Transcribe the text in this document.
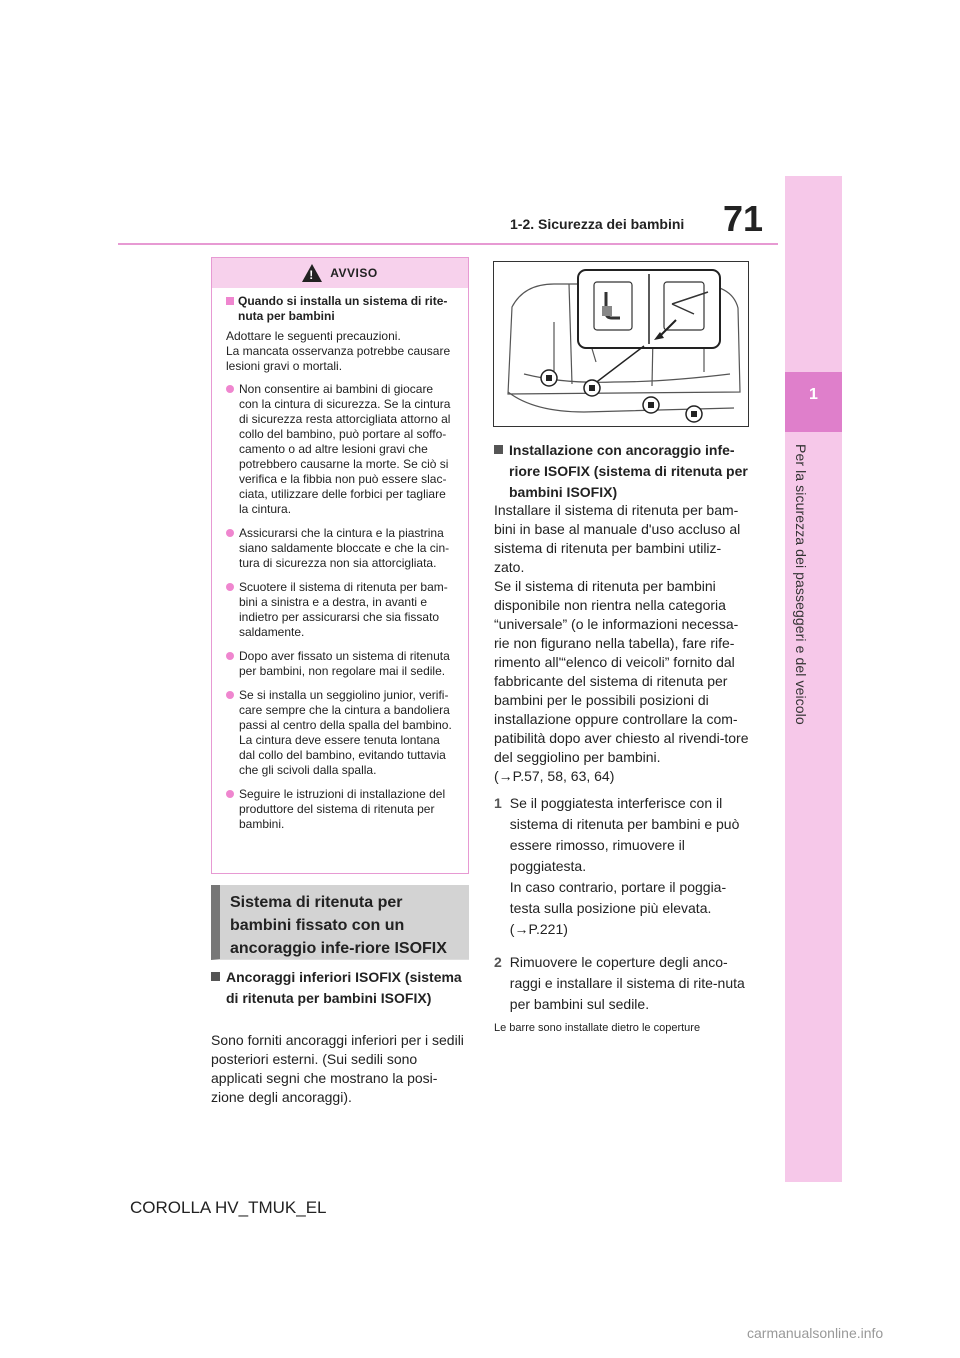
71
1-2. Sicurezza dei bambini
1
Per la sicurezza dei passeggeri e del veicolo
!
AVVISO
Quando si installa un sistema di rite-nuta per bambini
Adottare le seguenti precauzioni.
La mancata osservanza potrebbe causare lesioni gravi o mortali.
Non consentire ai bambini di giocare con la cintura di sicurezza. Se la cintura di sicurezza resta attorcigliata attorno al collo del bambino, può portare al soffo-camento o ad altre lesioni gravi che potrebbero causarne la morte. Se ciò si verifica e la fibbia non può essere slac-ciata, utilizzare delle forbici per tagliare la cintura.
Assicurarsi che la cintura e la piastrina siano saldamente bloccate e che la cin-tura di sicurezza non sia attorcigliata.
Scuotere il sistema di ritenuta per bam-bini a sinistra e a destra, in avanti e indietro per assicurarsi che sia fissato saldamente.
Dopo aver fissato un sistema di ritenuta per bambini, non regolare mai il sedile.
Se si installa un seggiolino junior, verifi-care sempre che la cintura a bandoliera passi al centro della spalla del bambino. La cintura deve essere tenuta lontana dal collo del bambino, evitando tuttavia che gli scivoli dalla spalla.
Seguire le istruzioni di installazione del produttore del sistema di ritenuta per bambini.
Sistema di ritenuta per bambini fissato con un ancoraggio infe-riore ISOFIX
Ancoraggi inferiori ISOFIX (sistema di ritenuta per bambini ISOFIX)
Sono forniti ancoraggi inferiori per i sedili posteriori esterni. (Sui sedili sono applicati segni che mostrano la posi-zione degli ancoraggi).
Installazione con ancoraggio infe-riore ISOFIX (sistema di ritenuta per bambini ISOFIX)
Installare il sistema di ritenuta per bam-bini in base al manuale d'uso accluso al sistema di ritenuta per bambini utiliz-zato.
Se il sistema di ritenuta per bambini disponibile non rientra nella categoria “universale” (o le informazioni necessa-rie non figurano nella tabella), fare rife-rimento all'“elenco di veicoli” fornito dal fabbricante del sistema di ritenuta per bambini per le possibili posizioni di installazione oppure controllare la com-patibilità dopo aver chiesto al rivendi-tore del seggiolino per bambini.
(→P.57, 58, 63, 64)
1 Se il poggiatesta interferisce con il sistema di ritenuta per bambini e può essere rimosso, rimuovere il poggiatesta.
In caso contrario, portare il poggia-testa sulla posizione più elevata.
(→P.221)
2 Rimuovere le coperture degli anco-raggi e installare il sistema di rite-nuta per bambini sul sedile.
Le barre sono installate dietro le coperture
COROLLA HV_TMUK_EL
carmanualsonline.info
